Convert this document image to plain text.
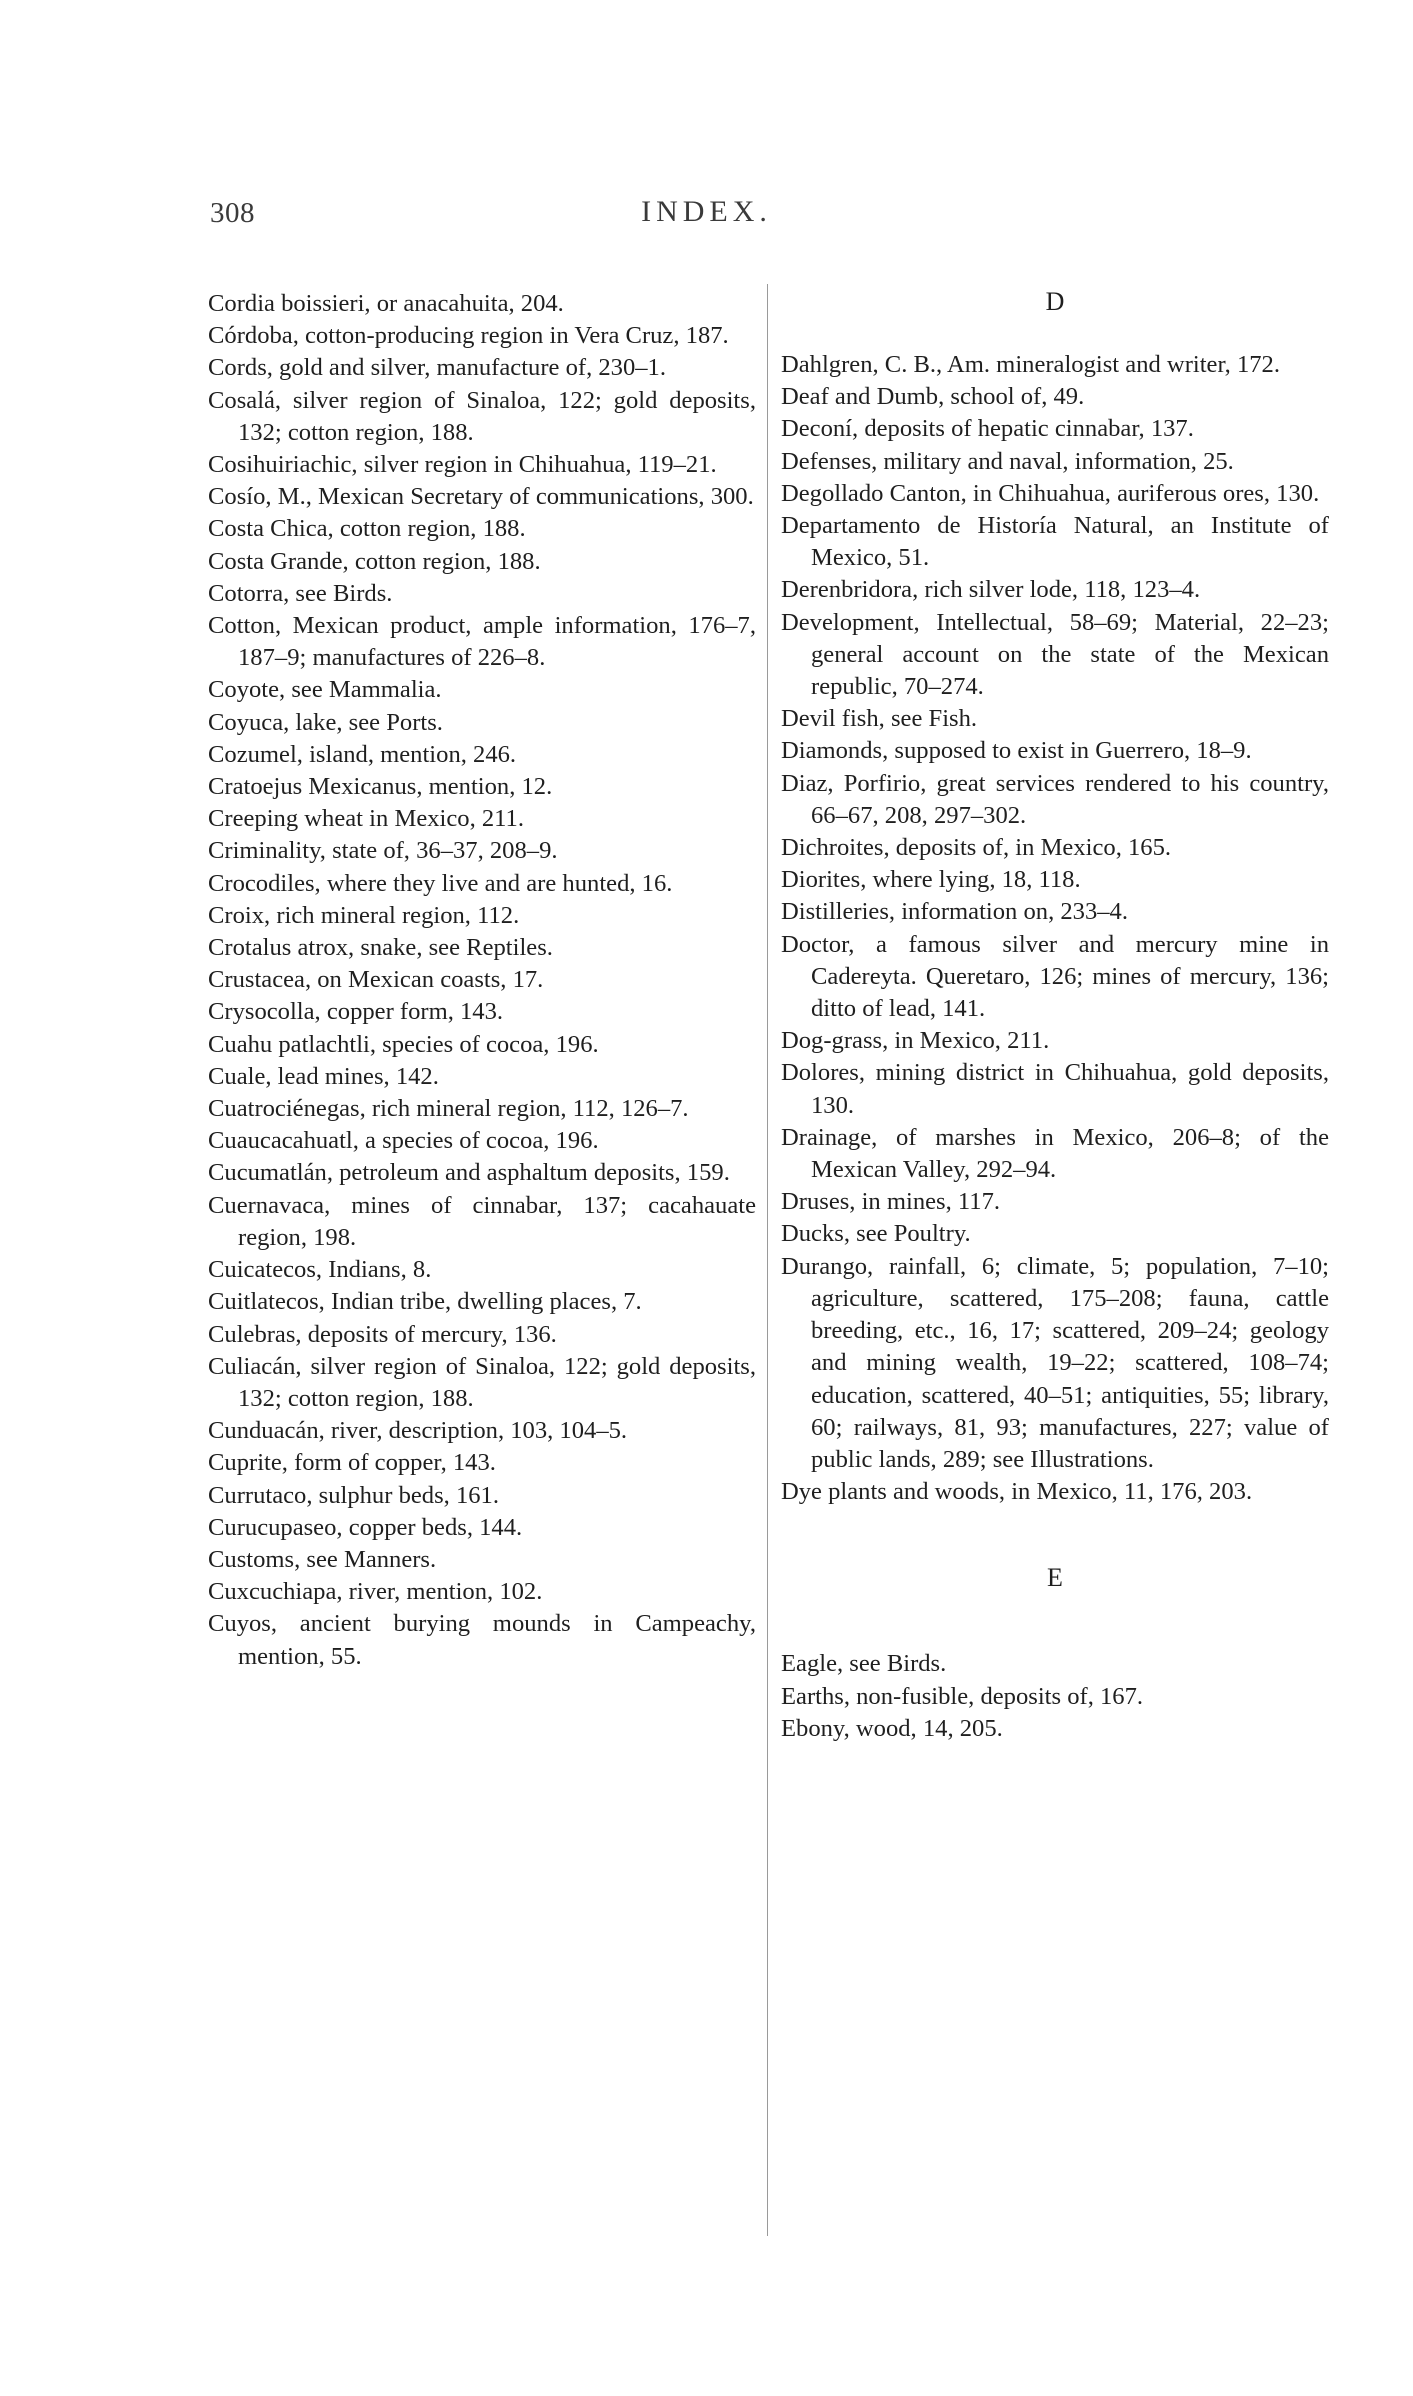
308	INDEX.
Cordia boissieri, or anacahuita, 204.
Córdoba, cotton-producing region in Vera Cruz, 187.
Cords, gold and silver, manufacture of, 230–1.
Cosalá, silver region of Sinaloa, 122; gold deposits, 132; cotton region, 188.
Cosihuiriachic, silver region in Chihuahua, 119–21.
Cosío, M., Mexican Secretary of communications, 300.
Costa Chica, cotton region, 188.
Costa Grande, cotton region, 188.
Cotorra, see Birds.
Cotton, Mexican product, ample information, 176–7, 187–9; manufactures of 226–8.
Coyote, see Mammalia.
Coyuca, lake, see Ports.
Cozumel, island, mention, 246.
Cratoejus Mexicanus, mention, 12.
Creeping wheat in Mexico, 211.
Criminality, state of, 36–37, 208–9.
Crocodiles, where they live and are hunted, 16.
Croix, rich mineral region, 112.
Crotalus atrox, snake, see Reptiles.
Crustacea, on Mexican coasts, 17.
Crysocolla, copper form, 143.
Cuahu patlachtli, species of cocoa, 196.
Cuale, lead mines, 142.
Cuatrociénegas, rich mineral region, 112, 126–7.
Cuaucacahuatl, a species of cocoa, 196.
Cucumatlán, petroleum and asphaltum deposits, 159.
Cuernavaca, mines of cinnabar, 137; cacahauate region, 198.
Cuicatecos, Indians, 8.
Cuitlatecos, Indian tribe, dwelling places, 7.
Culebras, deposits of mercury, 136.
Culiacán, silver region of Sinaloa, 122; gold deposits, 132; cotton region, 188.
Cunduacán, river, description, 103, 104–5.
Cuprite, form of copper, 143.
Currutaco, sulphur beds, 161.
Curucupaseo, copper beds, 144.
Customs, see Manners.
Cuxcuchiapa, river, mention, 102.
Cuyos, ancient burying mounds in Campeachy, mention, 55.
D
Dahlgren, C. B., Am. mineralogist and writer, 172.
Deaf and Dumb, school of, 49.
Deconí, deposits of hepatic cinnabar, 137.
Defenses, military and naval, information, 25.
Degollado Canton, in Chihuahua, auriferous ores, 130.
Departamento de Historía Natural, an Institute of Mexico, 51.
Derenbridora, rich silver lode, 118, 123–4.
Development, Intellectual, 58–69; Material, 22–23; general account on the state of the Mexican republic, 70–274.
Devil fish, see Fish.
Diamonds, supposed to exist in Guerrero, 18–9.
Diaz, Porfirio, great services rendered to his country, 66–67, 208, 297–302.
Dichroites, deposits of, in Mexico, 165.
Diorites, where lying, 18, 118.
Distilleries, information on, 233–4.
Doctor, a famous silver and mercury mine in Cadereyta. Queretaro, 126; mines of mercury, 136; ditto of lead, 141.
Dog-grass, in Mexico, 211.
Dolores, mining district in Chihuahua, gold deposits, 130.
Drainage, of marshes in Mexico, 206–8; of the Mexican Valley, 292–94.
Druses, in mines, 117.
Ducks, see Poultry.
Durango, rainfall, 6; climate, 5; population, 7–10; agriculture, scattered, 175–208; fauna, cattle breeding, etc., 16, 17; scattered, 209–24; geology and mining wealth, 19–22; scattered, 108–74; education, scattered, 40–51; antiquities, 55; library, 60; railways, 81, 93; manufactures, 227; value of public lands, 289; see Illustrations.
Dye plants and woods, in Mexico, 11, 176, 203.
E
Eagle, see Birds.
Earths, non-fusible, deposits of, 167.
Ebony, wood, 14, 205.
